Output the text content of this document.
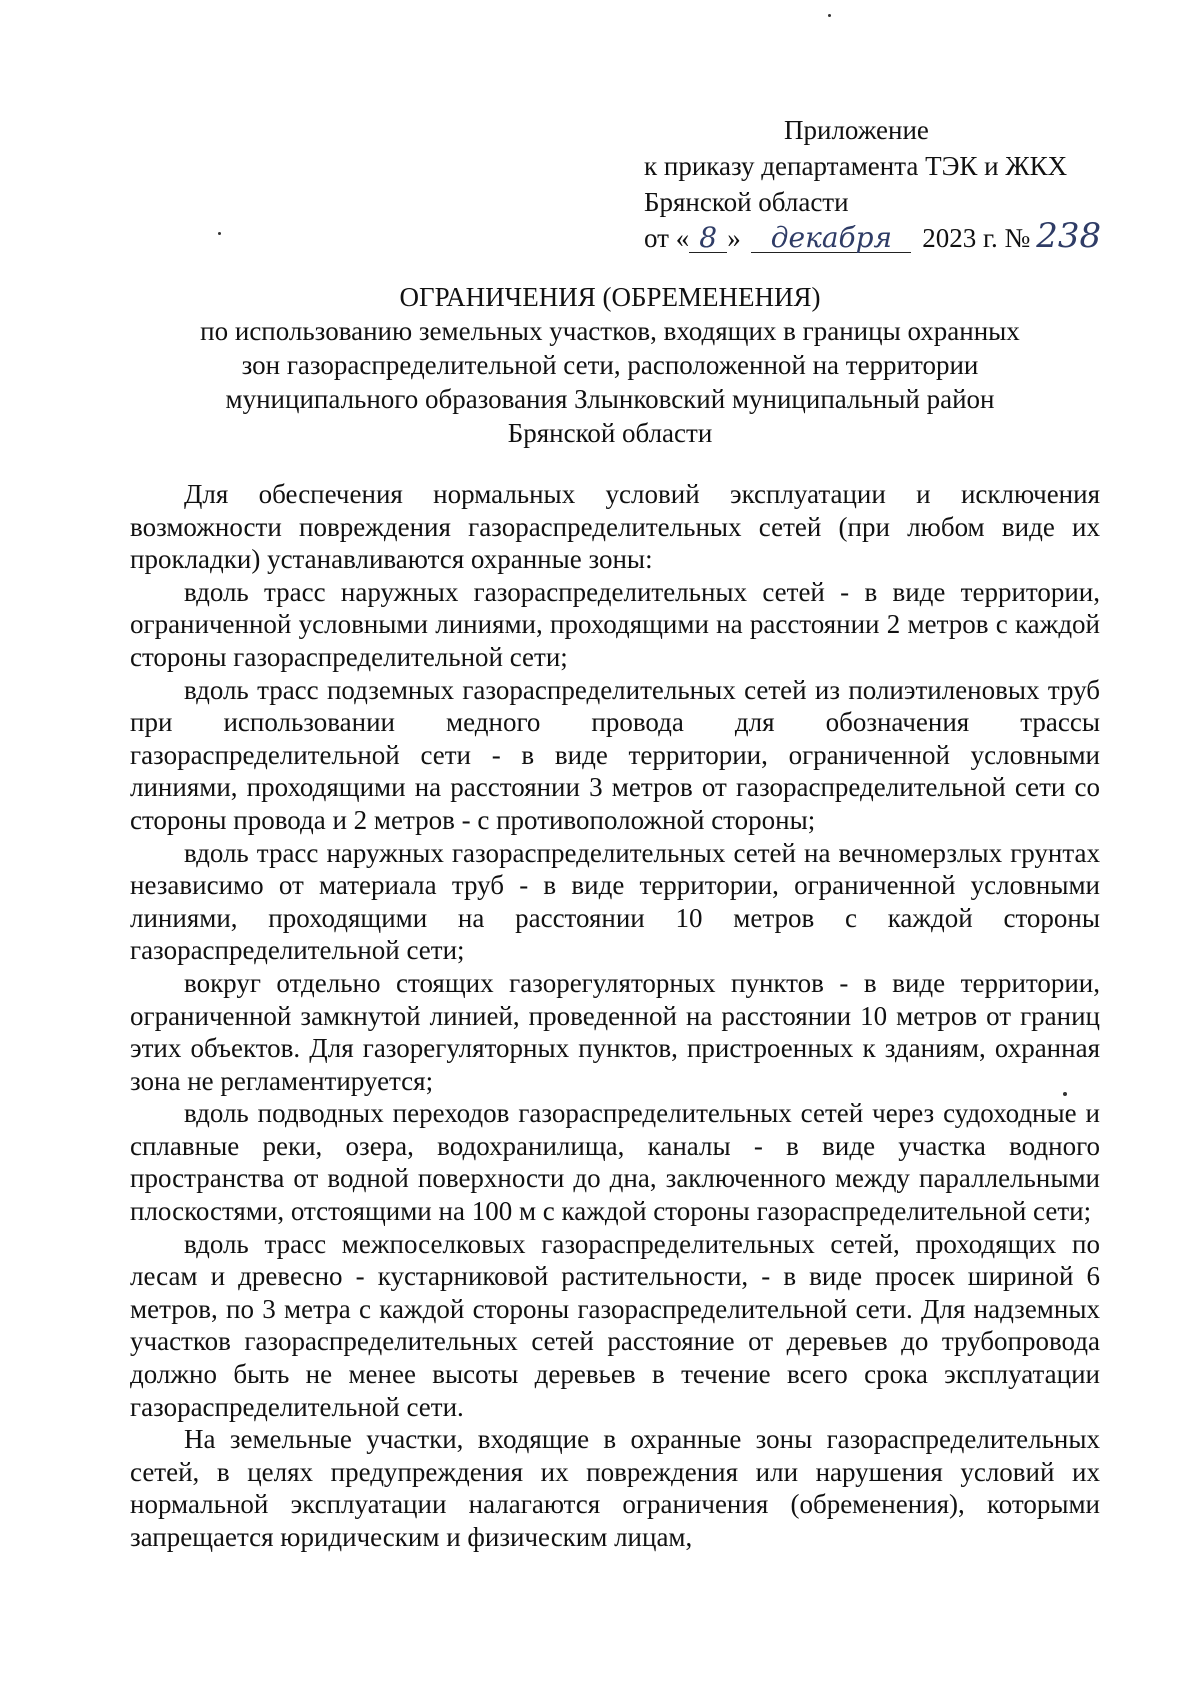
Приложение
к приказу департамента ТЭК и ЖКХ
Брянской области
от « 8 » декабря 2023 г. № 238
ОГРАНИЧЕНИЯ (ОБРЕМЕНЕНИЯ)
по использованию земельных участков, входящих в границы охранных
зон газораспределительной сети, расположенной на территории
муниципального образования Злынковский муниципальный район
Брянской области

Для обеспечения нормальных условий эксплуатации и исключения возможности повреждения газораспределительных сетей (при любом виде их прокладки) устанавливаются охранные зоны:

вдоль трасс наружных газораспределительных сетей - в виде территории, ограниченной условными линиями, проходящими на расстоянии 2 метров с каждой стороны газораспределительной сети;

вдоль трасс подземных газораспределительных сетей из полиэтиленовых труб при использовании медного провода для обозначения трассы газораспределительной сети - в виде территории, ограниченной условными линиями, проходящими на расстоянии 3 метров от газораспределительной сети со стороны провода и 2 метров - с противоположной стороны;

вдоль трасс наружных газораспределительных сетей на вечномерзлых грунтах независимо от материала труб - в виде территории, ограниченной условными линиями, проходящими на расстоянии 10 метров с каждой стороны газораспределительной сети;

вокруг отдельно стоящих газорегуляторных пунктов - в виде территории, ограниченной замкнутой линией, проведенной на расстоянии 10 метров от границ этих объектов. Для газорегуляторных пунктов, пристроенных к зданиям, охранная зона не регламентируется;

вдоль подводных переходов газораспределительных сетей через судоходные и сплавные реки, озера, водохранилища, каналы - в виде участка водного пространства от водной поверхности до дна, заключенного между параллельными плоскостями, отстоящими на 100 м с каждой стороны газораспределительной сети;

вдоль трасс межпоселковых газораспределительных сетей, проходящих по лесам и древесно - кустарниковой растительности, - в виде просек шириной 6 метров, по 3 метра с каждой стороны газораспределительной сети. Для надземных участков газораспределительных сетей расстояние от деревьев до трубопровода должно быть не менее высоты деревьев в течение всего срока эксплуатации газораспределительной сети.

На земельные участки, входящие в охранные зоны газораспределительных сетей, в целях предупреждения их повреждения или нарушения условий их нормальной эксплуатации налагаются ограничения (обременения), которыми запрещается юридическим и физическим лицам,
